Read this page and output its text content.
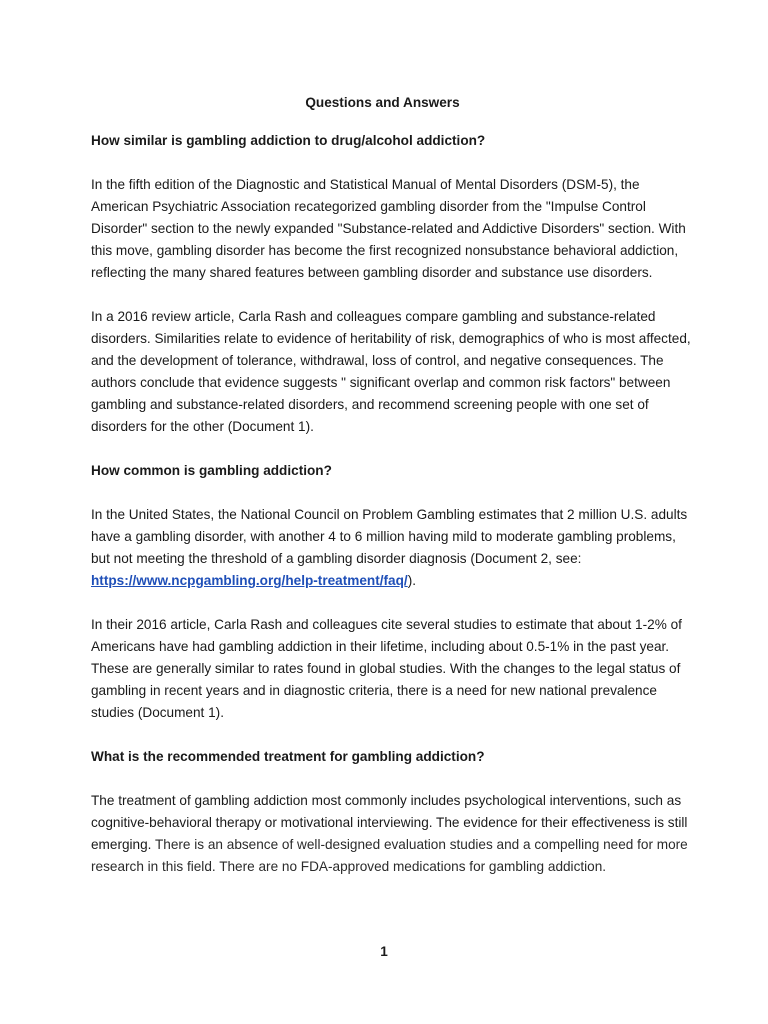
Questions and Answers
How similar is gambling addiction to drug/alcohol addiction?

In the fifth edition of the Diagnostic and Statistical Manual of Mental Disorders (DSM-5), the American Psychiatric Association recategorized gambling disorder from the "Impulse Control Disorder" section to the newly expanded "Substance-related and Addictive Disorders" section. With this move, gambling disorder has become the first recognized nonsubstance behavioral addiction, reflecting the many shared features between gambling disorder and substance use disorders.

In a 2016 review article, Carla Rash and colleagues compare gambling and substance-related disorders. Similarities relate to evidence of heritability of risk, demographics of who is most affected, and the development of tolerance, withdrawal, loss of control, and negative consequences. The authors conclude that evidence suggests " significant overlap and common risk factors" between gambling and substance-related disorders, and recommend screening people with one set of disorders for the other (Document 1).

How common is gambling addiction?

In the United States, the National Council on Problem Gambling estimates that 2 million U.S. adults have a gambling disorder, with another 4 to 6 million having mild to moderate gambling problems, but not meeting the threshold of a gambling disorder diagnosis (Document 2, see: https://www.ncpgambling.org/help-treatment/faq/).

In their 2016 article, Carla Rash and colleagues cite several studies to estimate that about 1-2% of Americans have had gambling addiction in their lifetime, including about 0.5-1% in the past year. These are generally similar to rates found in global studies. With the changes to the legal status of gambling in recent years and in diagnostic criteria, there is a need for new national prevalence studies (Document 1).

What is the recommended treatment for gambling addiction?

The treatment of gambling addiction most commonly includes psychological interventions, such as cognitive-behavioral therapy or motivational interviewing. The evidence for their effectiveness is still emerging. There is an absence of well-designed evaluation studies and a compelling need for more research in this field. There are no FDA-approved medications for gambling addiction.

1
